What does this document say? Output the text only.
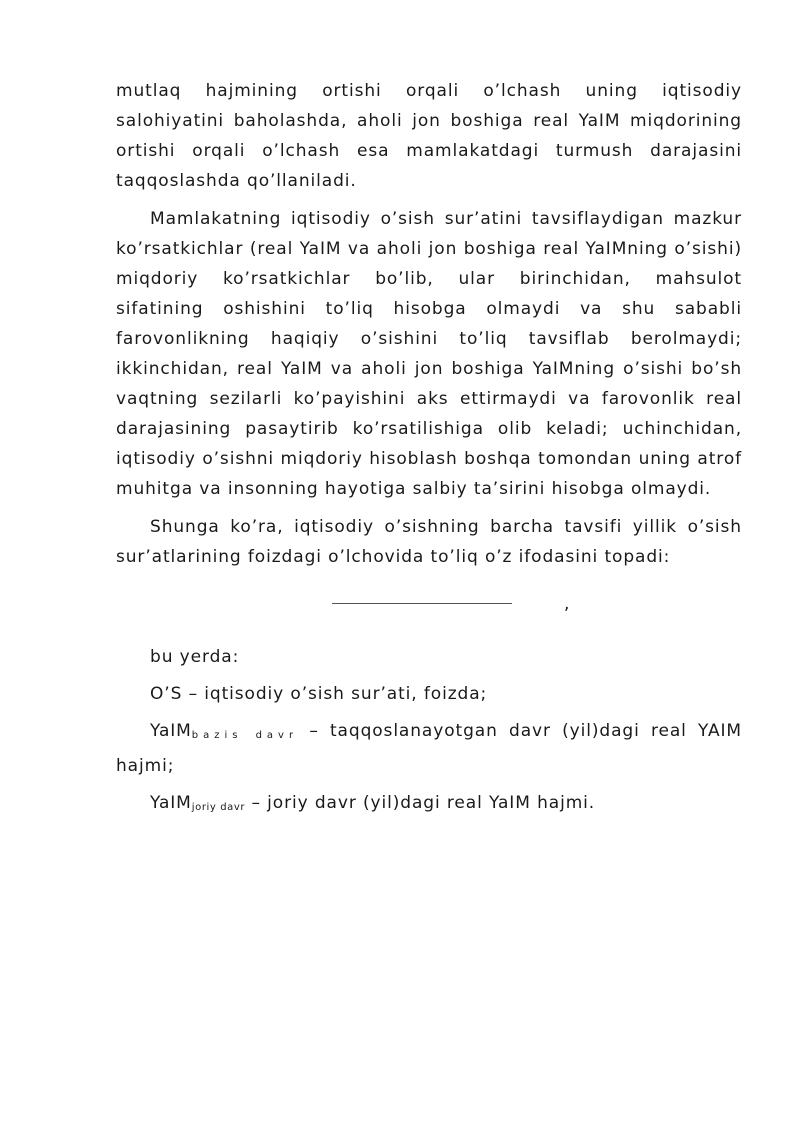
mutlaq hajmining ortishi orqali o’lchash uning iqtisodiy salohiyatini baholashda, aholi jon boshiga real YaIM miqdorining ortishi orqali o’lchash esa mamlakatdagi turmush darajasini taqqoslashda qo’llaniladi.

Mamlakatning iqtisodiy o’sish sur’atini tavsiflaydigan mazkur ko’rsatkichlar (real YaIM va aholi jon boshiga real YaIMning o’sishi) miqdoriy ko’rsatkichlar bo’lib, ular birinchidan, mahsulot sifatining oshishini to’liq hisobga olmaydi va shu sababli farovonlikning haqiqiy o’sishini to’liq tavsiflab berolmaydi; ikkinchidan, real YaIM va aholi jon boshiga YaIMning o’sishi bo’sh vaqtning sezilarli ko’payishini aks ettirmaydi va farovonlik real darajasining pasaytirib ko’rsatilishiga olib keladi; uchinchidan, iqtisodiy o’sishni miqdoriy hisoblash boshqa tomondan uning atrof muhitga va insonning hayotiga salbiy ta’sirini hisobga olmaydi.

Shunga ko’ra, iqtisodiy o’sishning barcha tavsifi yillik o’sish sur’atlarining foizdagi o’lchovida to’liq o’z ifodasini topadi:

,

bu yerda:

O’S – iqtisodiy o’sish sur’ati, foizda;

YaIM$_{bazis davr}$ – taqqoslanayotgan davr (yil)dagi real YAIM hajmi;

YaIM$_{joriy davr}$ – joriy davr (yil)dagi real YaIM hajmi.
